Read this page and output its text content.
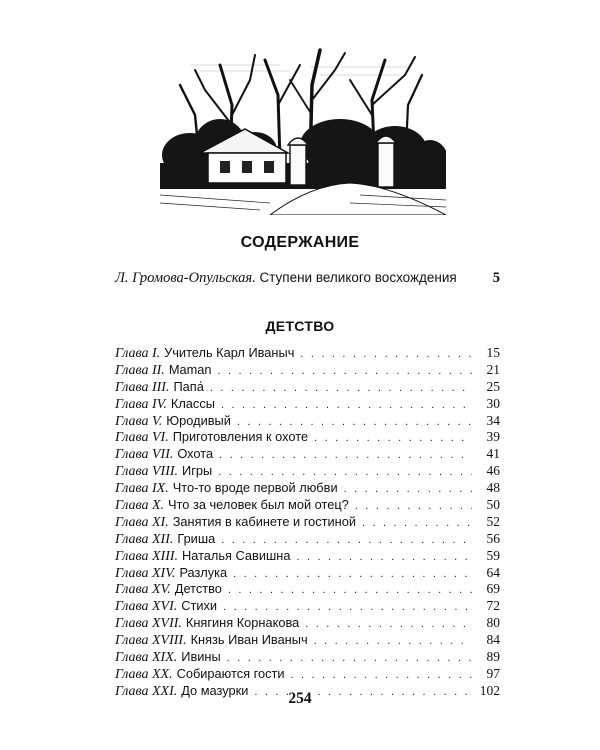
СОДЕРЖАНИЕ
Л. Громова-Опульская. Ступени великого восхождения 5
ДЕТСТВО
Глава I. Учитель Карл Иваныч . . .	15
Глава II. Maman . . .	21
Глава III. Папа́ . . .	25
Глава IV. Классы . . .	30
Глава V. Юродивый . . .	34
Глава VI. Приготовления к охоте . . .	39
Глава VII. Охота . . .	41
Глава VIII. Игры . . .	46
Глава IX. Что-то вроде первой любви . . .	48
Глава X. Что за человек был мой отец? . . .	50
Глава XI. Занятия в кабинете и гостиной . . .	52
Глава XII. Гриша . . .	56
Глава XIII. Наталья Савишна . . .	59
Глава XIV. Разлука . . .	64
Глава XV. Детство . . .	69
Глава XVI. Стихи . . .	72
Глава XVII. Княгиня Корнакова . . .	80
Глава XVIII. Князь Иван Иваныч . . .	84
Глава XIX. Ивины . . .	89
Глава XX. Собираются гости . . .	97
Глава XXI. До мазурки . . .	102
254
